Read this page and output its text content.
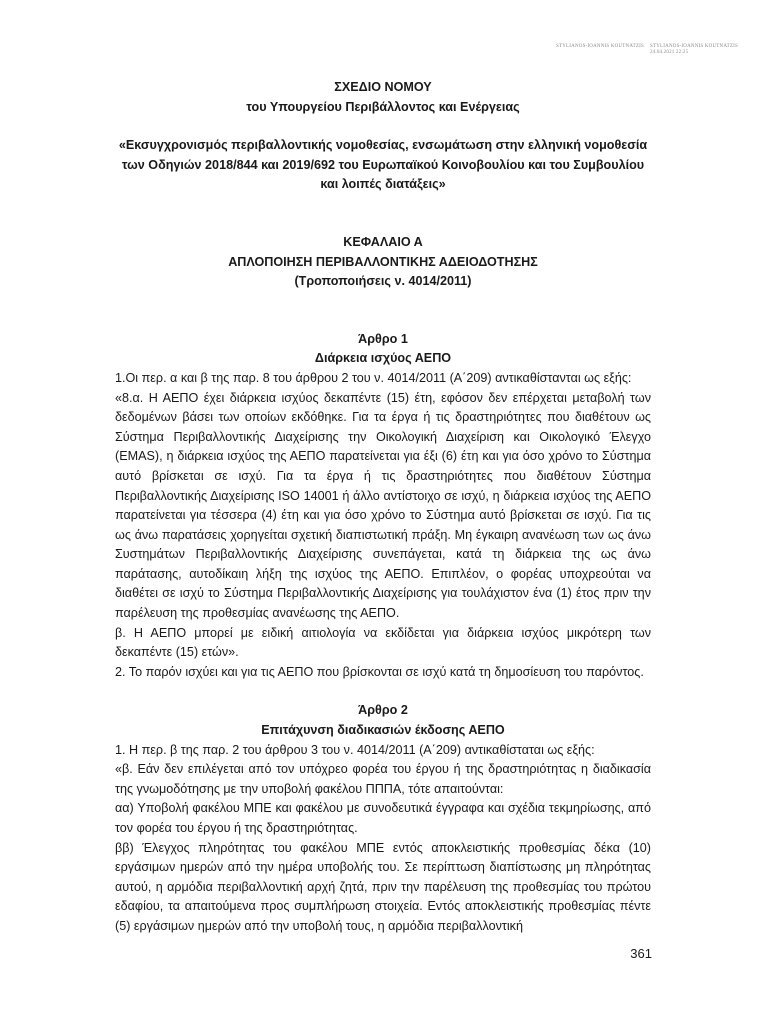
STYLIANOS-IOANNIS KOUTNATZIS STYLIANOS-IOANNIS KOUTNATZIS
24.04.2021 22:25
ΣΧΕΔΙΟ ΝΟΜΟΥ
του Υπουργείου Περιβάλλοντος και Ενέργειας
«Εκσυγχρονισμός περιβαλλοντικής νομοθεσίας, ενσωμάτωση στην ελληνική νομοθεσία των Οδηγιών 2018/844 και 2019/692 του Ευρωπαϊκού Κοινοβουλίου και του Συμβουλίου και λοιπές διατάξεις»
ΚΕΦΑΛΑΙΟ Α
ΑΠΛΟΠΟΙΗΣΗ ΠΕΡΙΒΑΛΛΟΝΤΙΚΗΣ ΑΔΕΙΟΔΟΤΗΣΗΣ
(Τροποποιήσεις ν. 4014/2011)
Άρθρο 1
Διάρκεια ισχύος ΑΕΠΟ

1.Οι περ. α και β της παρ. 8 του άρθρου 2 του ν. 4014/2011 (Α΄209) αντικαθίστανται ως εξής:

«8.α. Η ΑΕΠΟ έχει διάρκεια ισχύος δεκαπέντε (15) έτη, εφόσον δεν επέρχεται μεταβολή των δεδομένων βάσει των οποίων εκδόθηκε. Για τα έργα ή τις δραστηριότητες που διαθέτουν ως Σύστημα Περιβαλλοντικής Διαχείρισης την Οικολογική Διαχείριση και Οικολογικό Έλεγχο (EMAS), η διάρκεια ισχύος της ΑΕΠΟ παρατείνεται για έξι (6) έτη και για όσο χρόνο το Σύστημα αυτό βρίσκεται σε ισχύ. Για τα έργα ή τις δραστηριότητες που διαθέτουν Σύστημα Περιβαλλοντικής Διαχείρισης ISO 14001 ή άλλο αντίστοιχο σε ισχύ, η διάρκεια ισχύος της ΑΕΠΟ παρατείνεται για τέσσερα (4) έτη και για όσο χρόνο το Σύστημα αυτό βρίσκεται σε ισχύ. Για τις ως άνω παρατάσεις χορηγείται σχετική διαπιστωτική πράξη. Μη έγκαιρη ανανέωση των ως άνω Συστημάτων Περιβαλλοντικής Διαχείρισης συνεπάγεται, κατά τη διάρκεια της ως άνω παράτασης, αυτοδίκαιη λήξη της ισχύος της ΑΕΠΟ. Επιπλέον, ο φορέας υποχρεούται να διαθέτει σε ισχύ το Σύστημα Περιβαλλοντικής Διαχείρισης για τουλάχιστον ένα (1) έτος πριν την παρέλευση της προθεσμίας ανανέωσης της ΑΕΠΟ.

β. Η ΑΕΠΟ μπορεί με ειδική αιτιολογία να εκδίδεται για διάρκεια ισχύος μικρότερη των δεκαπέντε (15) ετών».

2. Το παρόν ισχύει και για τις ΑΕΠΟ που βρίσκονται σε ισχύ κατά τη δημοσίευση του παρόντος.

Άρθρο 2
Επιτάχυνση διαδικασιών έκδοσης ΑΕΠΟ

1. Η περ. β της παρ. 2 του άρθρου 3 του ν. 4014/2011 (Α΄209) αντικαθίσταται ως εξής:

«β. Εάν δεν επιλέγεται από τον υπόχρεο φορέα του έργου ή της δραστηριότητας η διαδικασία της γνωμοδότησης με την υποβολή φακέλου ΠΠΠΑ, τότε απαιτούνται:

αα) Υποβολή φακέλου ΜΠΕ και φακέλου με συνοδευτικά έγγραφα και σχέδια τεκμηρίωσης, από τον φορέα του έργου ή της δραστηριότητας.

ββ) Έλεγχος πληρότητας του φακέλου ΜΠΕ εντός αποκλειστικής προθεσμίας δέκα (10) εργάσιμων ημερών από την ημέρα υποβολής του. Σε περίπτωση διαπίστωσης μη πληρότητας αυτού, η αρμόδια περιβαλλοντική αρχή ζητά, πριν την παρέλευση της προθεσμίας του πρώτου εδαφίου, τα απαιτούμενα προς συμπλήρωση στοιχεία. Εντός αποκλειστικής προθεσμίας πέντε (5) εργάσιμων ημερών από την υποβολή τους, η αρμόδια περιβαλλοντική

361
